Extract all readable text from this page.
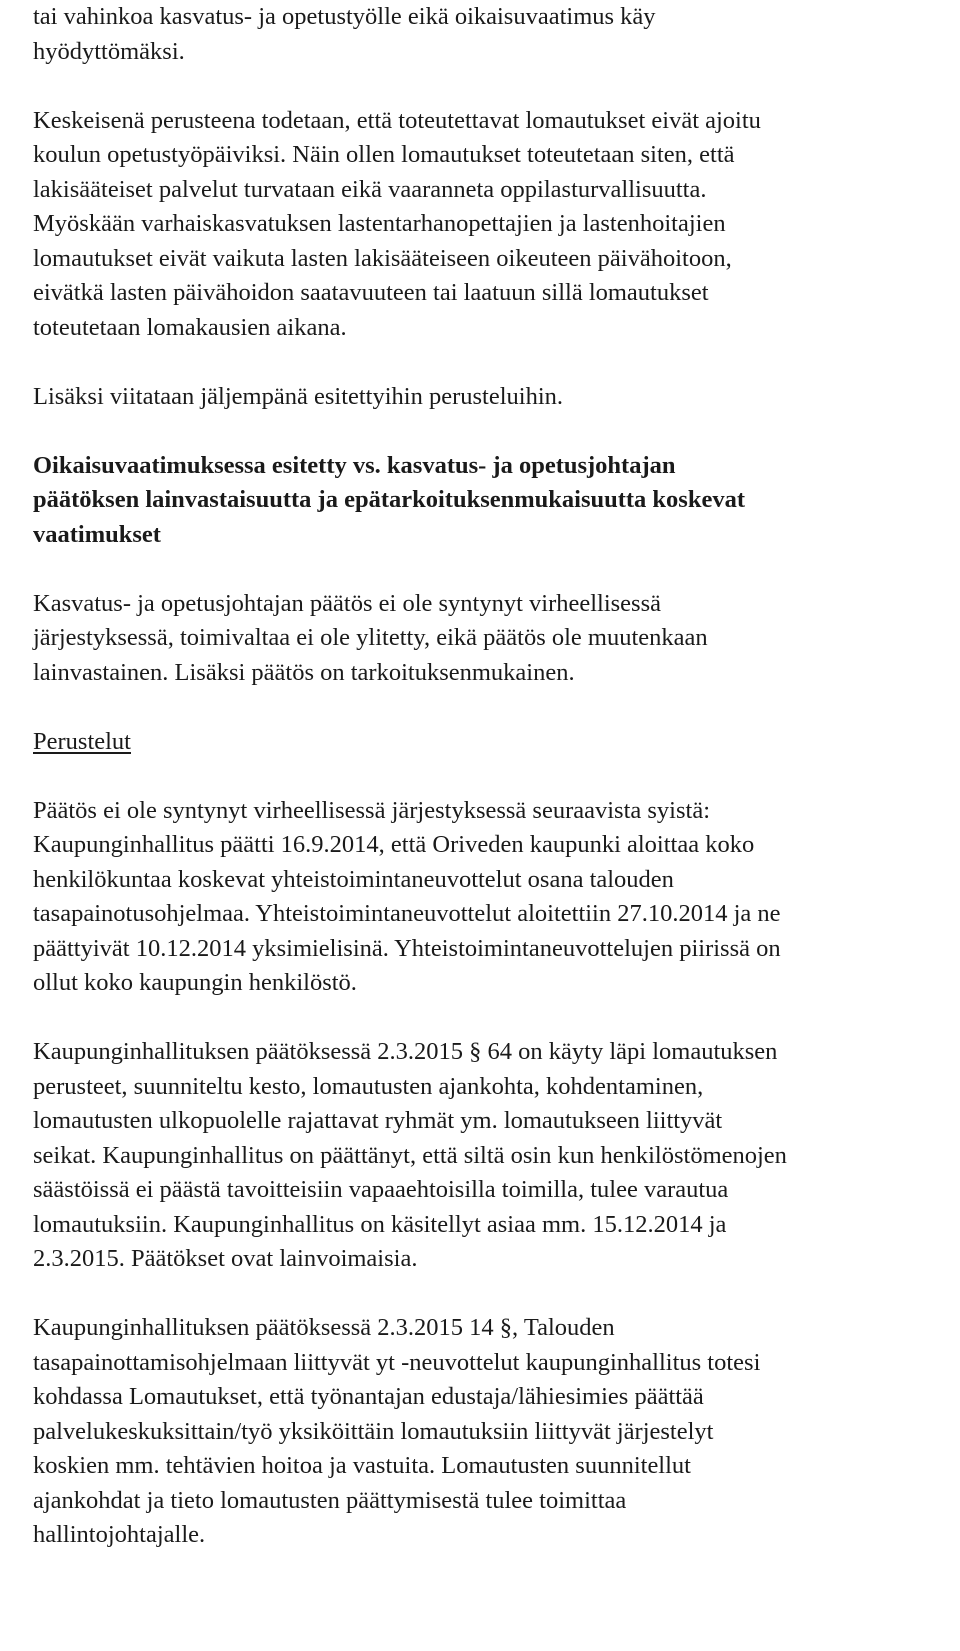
tai vahinkoa kasvatus- ja opetustyölle eikä oikaisuvaatimus käy
hyödyttömäksi.
Keskeisenä perusteena todetaan, että toteutettavat lomautukset eivät ajoitu
koulun opetustyöpäiviksi. Näin ollen lomautukset toteutetaan siten, että
lakisääteiset palvelut turvataan eikä vaaranneta oppilasturvallisuutta.
Myöskään varhaiskasvatuksen lastentarhanopettajien ja lastenhoitajien
lomautukset eivät vaikuta lasten lakisääteiseen oikeuteen päivähoitoon,
eivätkä lasten päivähoidon saatavuuteen tai laatuun sillä lomautukset
toteutetaan lomakausien aikana.
Lisäksi viitataan jäljempänä esitettyihin perusteluihin.
Oikaisuvaatimuksessa esitetty vs. kasvatus- ja opetusjohtajan
päätöksen lainvastaisuutta ja epätarkoituksenmukaisuutta koskevat
vaatimukset
Kasvatus- ja opetusjohtajan päätös ei ole syntynyt virheellisessä
järjestyksessä, toimivaltaa ei ole ylitetty, eikä päätös ole muutenkaan
lainvastainen. Lisäksi päätös on tarkoituksenmukainen.
Perustelut
Päätös ei ole syntynyt virheellisessä järjestyksessä seuraavista syistä:
Kaupunginhallitus päätti 16.9.2014, että Oriveden kaupunki aloittaa koko
henkilökuntaa koskevat yhteistoimintaneuvottelut osana talouden
tasapainotusohjelmaa. Yhteistoimintaneuvottelut aloitettiin 27.10.2014 ja ne
päättyivät 10.12.2014 yksimielisinä. Yhteistoimintaneuvottelujen piirissä on
ollut koko kaupungin henkilöstö.
Kaupunginhallituksen päätöksessä 2.3.2015 § 64 on käyty läpi lomautuksen
perusteet, suunniteltu kesto, lomautusten ajankohta, kohdentaminen,
lomautusten ulkopuolelle rajattavat ryhmät ym. lomautukseen liittyvät
seikat. Kaupunginhallitus on päättänyt, että siltä osin kun henkilöstömenojen
säästöissä ei päästä tavoitteisiin vapaaehtoisilla toimilla, tulee varautua
lomautuksiin. Kaupunginhallitus on käsitellyt asiaa mm. 15.12.2014 ja
2.3.2015. Päätökset ovat lainvoimaisia.
Kaupunginhallituksen päätöksessä 2.3.2015 14 §, Talouden
tasapainottamisohjelmaan liittyvät yt -neuvottelut kaupunginhallitus totesi
kohdassa Lomautukset, että työnantajan edustaja/lähiesimies päättää
palvelukeskuksittain/työ yksiköittäin lomautuksiin liittyvät järjestelyt
koskien mm. tehtävien hoitoa ja vastuita. Lomautusten suunnitellut
ajankohdat ja tieto lomautusten päättymisestä tulee toimittaa
hallintojohtajalle.
